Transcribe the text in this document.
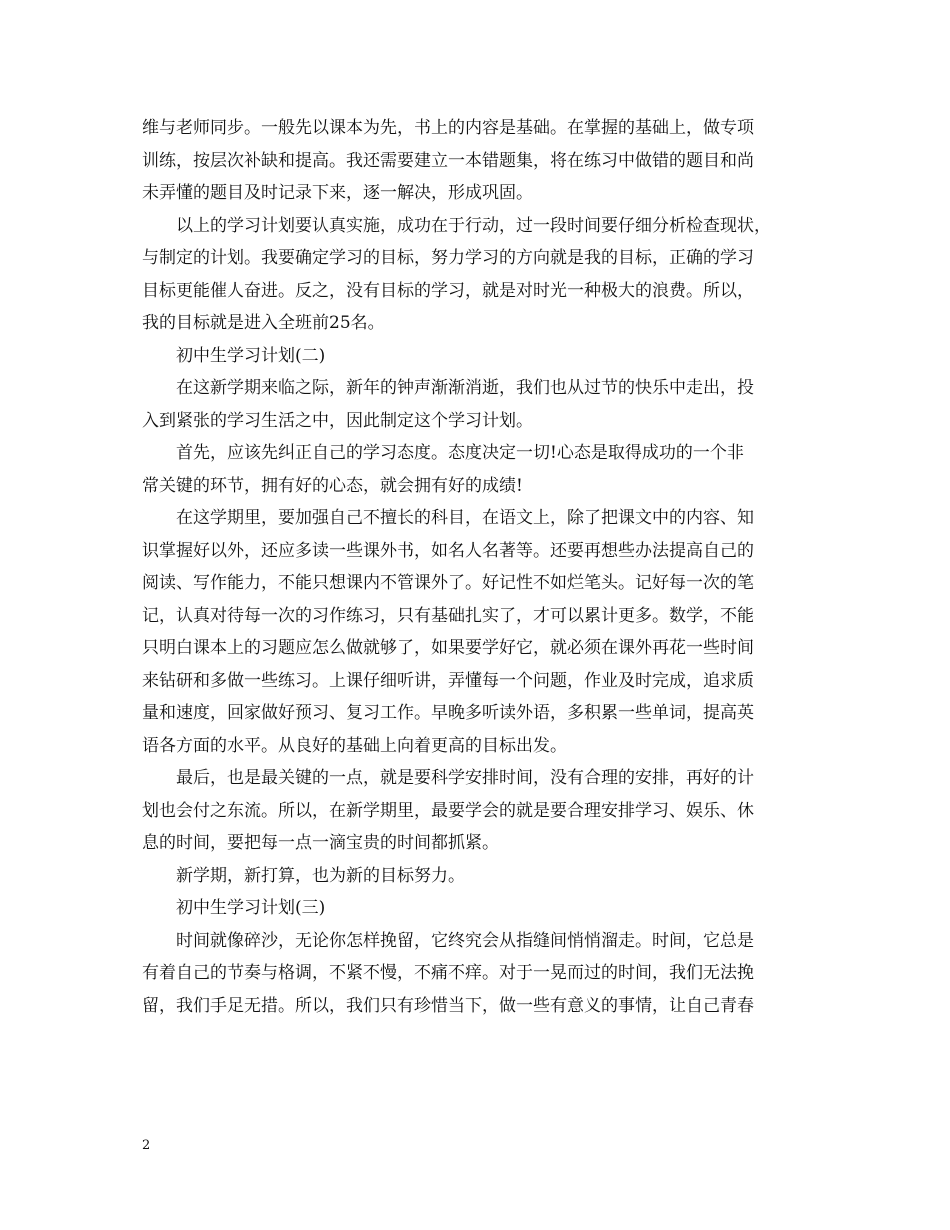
维与老师同步。一般先以课本为先，书上的内容是基础。在掌握的基础上，做专项
训练，按层次补缺和提高。我还需要建立一本错题集，将在练习中做错的题目和尚
未弄懂的题目及时记录下来，逐一解决，形成巩固。
以上的学习计划要认真实施，成功在于行动，过一段时间要仔细分析检查现状，
与制定的计划。我要确定学习的目标，努力学习的方向就是我的目标，正确的学习
目标更能催人奋进。反之，没有目标的学习，就是对时光一种极大的浪费。所以，
我的目标就是进入全班前25名。
初中生学习计划(二)
在这新学期来临之际，新年的钟声渐渐消逝，我们也从过节的快乐中走出，投
入到紧张的学习生活之中，因此制定这个学习计划。
首先，应该先纠正自己的学习态度。态度决定一切!心态是取得成功的一个非
常关键的环节，拥有好的心态，就会拥有好的成绩!
在这学期里，要加强自己不擅长的科目，在语文上，除了把课文中的内容、知
识掌握好以外，还应多读一些课外书，如名人名著等。还要再想些办法提高自己的
阅读、写作能力，不能只想课内不管课外了。好记性不如烂笔头。记好每一次的笔
记，认真对待每一次的习作练习，只有基础扎实了，才可以累计更多。数学，不能
只明白课本上的习题应怎么做就够了，如果要学好它，就必须在课外再花一些时间
来钻研和多做一些练习。上课仔细听讲，弄懂每一个问题，作业及时完成，追求质
量和速度，回家做好预习、复习工作。早晚多听读外语，多积累一些单词，提高英
语各方面的水平。从良好的基础上向着更高的目标出发。
最后，也是最关键的一点，就是要科学安排时间，没有合理的安排，再好的计
划也会付之东流。所以，在新学期里，最要学会的就是要合理安排学习、娱乐、休
息的时间，要把每一点一滴宝贵的时间都抓紧。
新学期，新打算，也为新的目标努力。
初中生学习计划(三)
时间就像碎沙，无论你怎样挽留，它终究会从指缝间悄悄溜走。时间，它总是
有着自己的节奏与格调，不紧不慢，不痛不痒。对于一晃而过的时间，我们无法挽
留，我们手足无措。所以，我们只有珍惜当下，做一些有意义的事情，让自己青春
2
